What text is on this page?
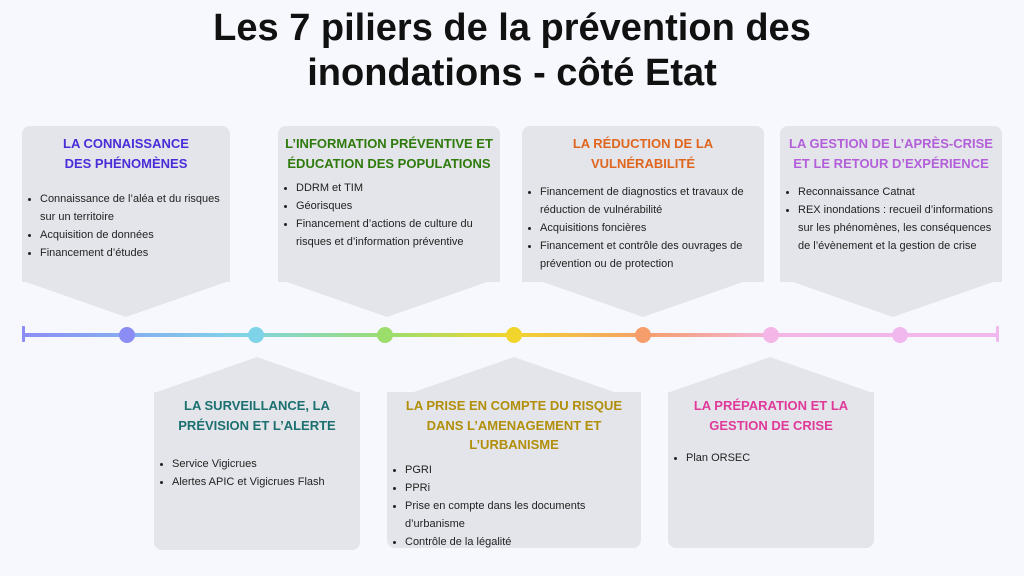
Les 7 piliers de la prévention des inondations - côté Etat
LA CONNAISSANCE DES PHÉNOMÈNES
• Connaissance de l’aléa et du risques sur un territoire
• Acquisition de données
• Financement d’études
L’INFORMATION PRÉVENTIVE ET ÉDUCATION DES POPULATIONS
• DDRM et TIM
• Géorisques
• Financement d’actions de culture du risques et d’information préventive
LA RÉDUCTION DE LA VULNÉRABILITÉ
• Financement de diagnostics et travaux de réduction de vulnérabilité
• Acquisitions foncières
• Financement et contrôle des ouvrages de prévention ou de protection
LA GESTION DE L’APRÈS-CRISE ET LE RETOUR D’EXPÉRIENCE
• Reconnaissance Catnat
• REX inondations : recueil d’informations sur les phénomènes, les conséquences de l’évènement et la gestion de crise
LA SURVEILLANCE, LA PRÉVISION ET L’ALERTE
• Service Vigicrues
• Alertes APIC et Vigicrues Flash
LA PRISE EN COMPTE DU RISQUE DANS L’AMENAGEMENT ET L’URBANISME
• PGRI
• PPRi
• Prise en compte dans les documents d’urbanisme
• Contrôle de la légalité
LA PRÉPARATION ET LA GESTION DE CRISE
• Plan ORSEC
